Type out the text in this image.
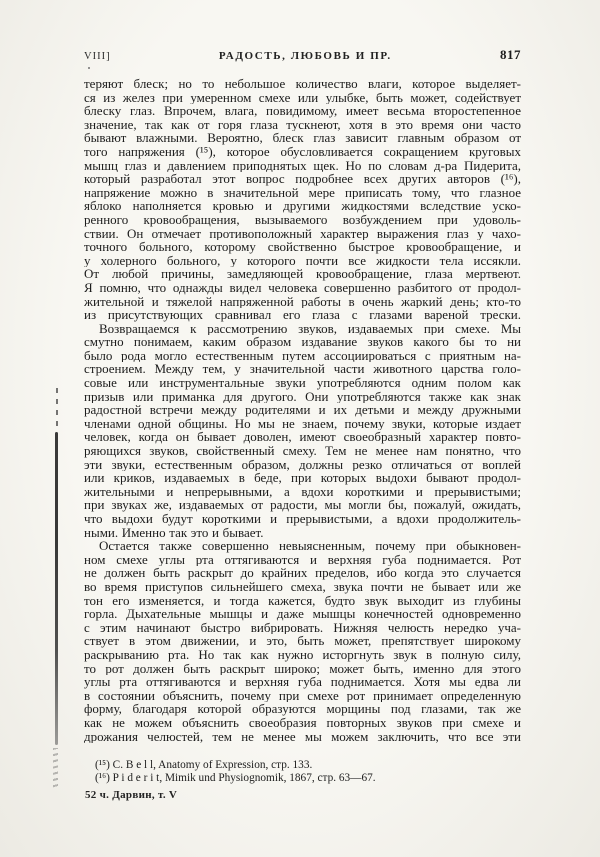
VIII]	РАДОСТЬ, ЛЮБОВЬ И ПР.	817
теряют блеск; но то небольшое количество влаги, которое выделяет-
ся из желез при умеренном смехе или улыбке, быть может, содействует
блеску глаз. Впрочем, влага, повидимому, имеет весьма второстепенное
значение, так как от горя глаза тускнеют, хотя в это время они часто
бывают влажными. Вероятно, блеск глаз зависит главным образом от
того напряжения (¹⁵), которое обусловливается сокращением круговых
мышц глаз и давлением приподнятых щек. Но по словам д-ра Пидерита,
который разработал этот вопрос подробнее всех других авторов (¹⁶),
напряжение можно в значительной мере приписать тому, что глазное
яблоко наполняется кровью и другими жидкостями вследствие уско-
ренного кровообращения, вызываемого возбуждением при удоволь-
ствии. Он отмечает противоположный характер выражения глаз у чахо-
точного больного, которому свойственно быстрое кровообращение, и
у холерного больного, у которого почти все жидкости тела иссякли.
От любой причины, замедляющей кровообращение, глаза мертвеют.
Я помню, что однажды видел человека совершенно разбитого от продол-
жительной и тяжелой напряженной работы в очень жаркий день; кто-то
из присутствующих сравнивал его глаза с глазами вареной трески.
Возвращаемся к рассмотрению звуков, издаваемых при смехе. Мы
смутно понимаем, каким образом издавание звуков какого бы то ни
было рода могло естественным путем ассоциироваться с приятным на-
строением. Между тем, у значительной части животного царства голо-
совые или инструментальные звуки употребляются одним полом как
призыв или приманка для другого. Они употребляются также как знак
радостной встречи между родителями и их детьми и между дружными
членами одной общины. Но мы не знаем, почему звуки, которые издает
человек, когда он бывает доволен, имеют своеобразный характер повто-
ряющихся звуков, свойственный смеху. Тем не менее нам понятно, что
эти звуки, естественным образом, должны резко отличаться от воплей
или криков, издаваемых в беде, при которых выдохи бывают продол-
жительными и непрерывными, а вдохи короткими и прерывистыми;
при звуках же, издаваемых от радости, мы могли бы, пожалуй, ожидать,
что выдохи будут короткими и прерывистыми, а вдохи продолжитель-
ными. Именно так это и бывает.
Остается также совершенно невыясненным, почему при обыкновен-
ном смехе углы рта оттягиваются и верхняя губа поднимается. Рот
не должен быть раскрыт до крайних пределов, ибо когда это случается
во время приступов сильнейшего смеха, звука почти не бывает или же
тон его изменяется, и тогда кажется, будто звук выходит из глубины
горла. Дыхательные мышцы и даже мышцы конечностей одновременно
с этим начинают быстро вибрировать. Нижняя челюсть нередко уча-
ствует в этом движении, и это, быть может, препятствует широкому
раскрыванию рта. Но так как нужно исторгнуть звук в полную силу,
то рот должен быть раскрыт широко; может быть, именно для этого
углы рта оттягиваются и верхняя губа поднимается. Хотя мы едва ли
в состоянии объяснить, почему при смехе рот принимает определенную
форму, благодаря которой образуются морщины под глазами, так же
как не можем объяснить своеобразия повторных звуков при смехе и
дрожания челюстей, тем не менее мы можем заключить, что все эти
(¹⁵) C. B e l l, Anatomy of Expression, стр. 133.
(¹⁶) P i d e r i t, Mimik und Physiognomik, 1867, стр. 63—67.
52 ч. Дарвин, т. V
